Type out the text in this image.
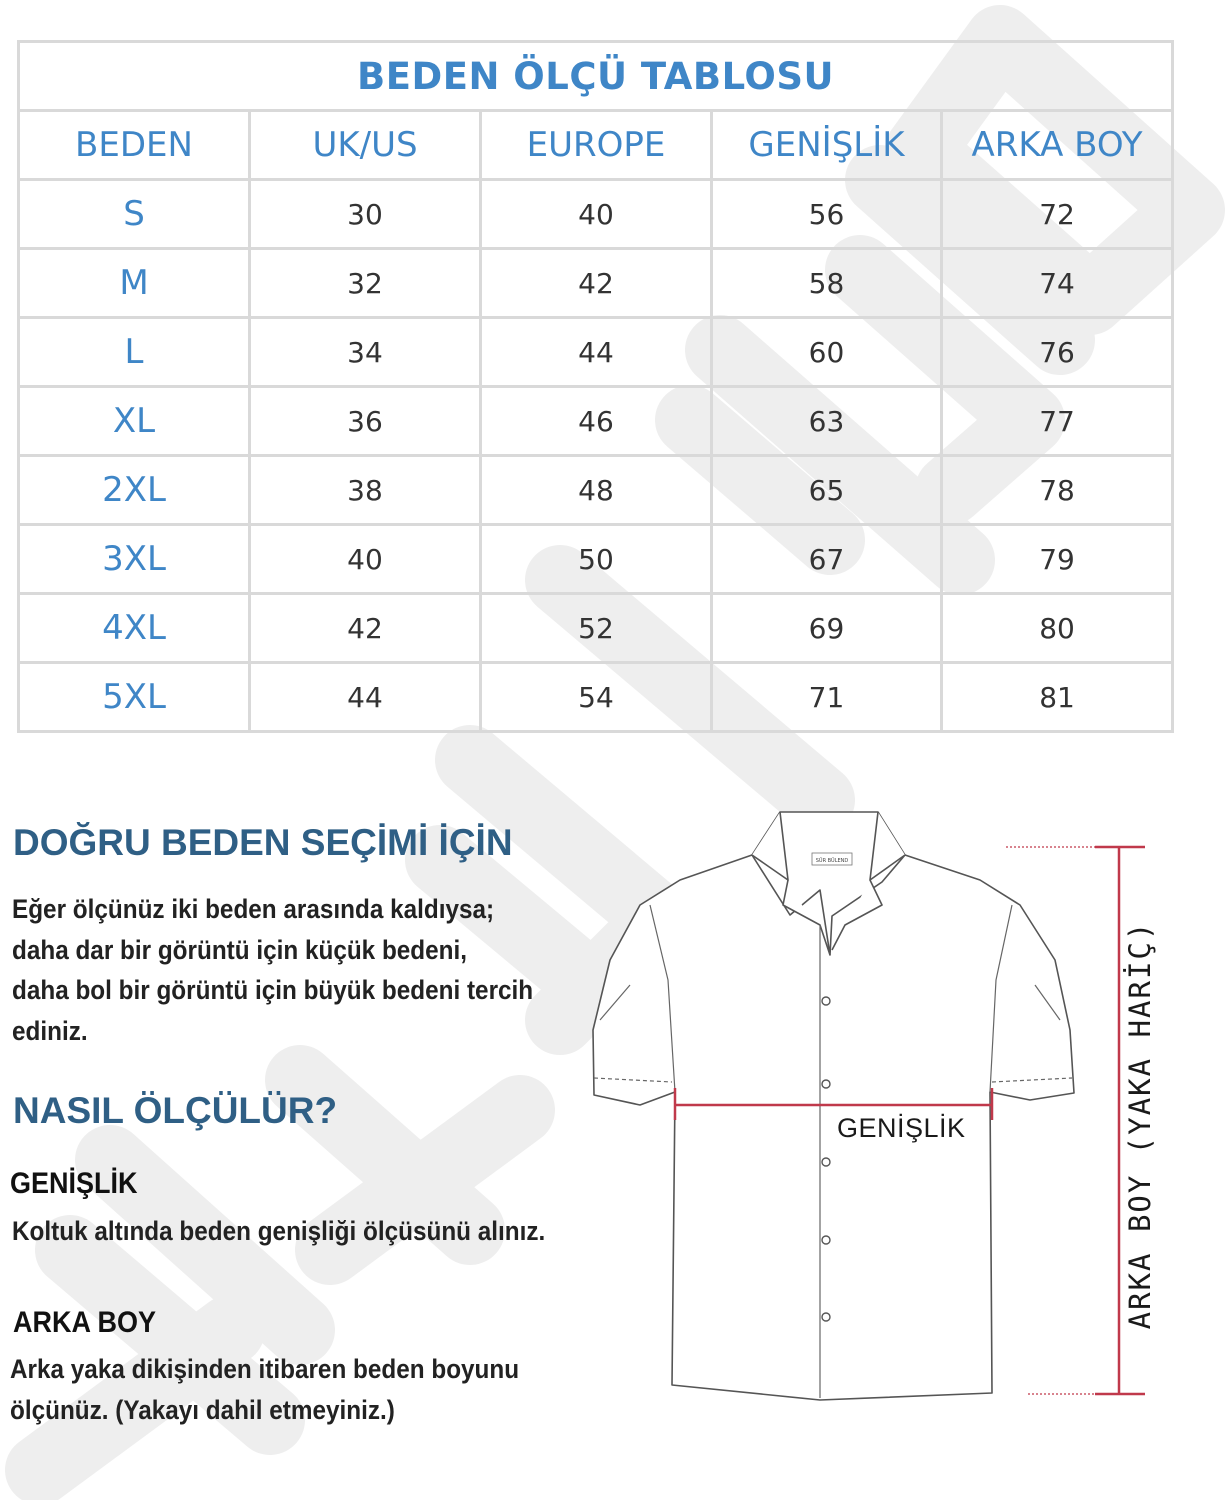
BEDEN ÖLÇÜ TABLOSU				
BEDEN	UK/US	EUROPE	GENİŞLİK	ARKA BOY
S	30	40	56	72
M	32	42	58	74
L	34	44	60	76
XL	36	46	63	77
2XL	38	48	65	78
3XL	40	50	67	79
4XL	42	52	69	80
5XL	44	54	71	81
DOĞRU BEDEN SEÇİMİ İÇİN
Eğer ölçünüz iki beden arasında kaldıysa;
daha dar bir görüntü için küçük bedeni,
daha bol bir görüntü için büyük bedeni tercih
ediniz.
NASIL ÖLÇÜLÜR?
GENİŞLİK
Koltuk altında beden genişliği ölçüsünü alınız.
ARKA BOY
Arka yaka dikişinden itibaren beden boyunu
ölçünüz. (Yakayı dahil etmeyiniz.)
SÜR BÜLEND
GENİŞLİK	ARKA BOY (YAKA HARİÇ)
